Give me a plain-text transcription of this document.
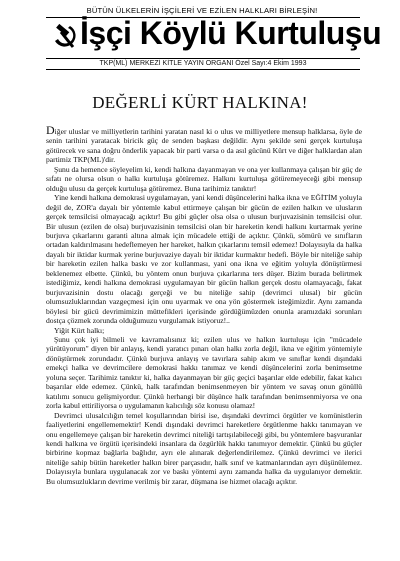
BÜTÜN ÜLKELERİN İŞÇİLERİ VE EZİLEN HALKLARI BİRLEŞİN!
İşçi Köylü Kurtuluşu
TKP(ML) MERKEZİ KİTLE YAYIN ORGANI Özel Sayı:4 Ekim 1993
DEĞERLİ KÜRT HALKINA!

Diğer uluslar ve milliyetlerin tarihini yaratan nasıl ki o ulus ve milliyetlere mensup halklarsa, öyle de senin tarihini yaratacak biricik güç de senden başkası değildir. Aynı şekilde seni gerçek kurtuluşa götürecek ve sana doğru önderlik yapacak bir parti varsa o da asıl gücünü Kürt ve diğer halklardan alan partimiz TKP(ML)'dir.

Şunu da hemence söyleyelim ki, kendi halkına dayanmayan ve ona yer kullanmaya çalışan bir güç de sıfatı ne olursa olsun o halkı kurtuluşa götüremez. Halkını kurtuluşa götüremeyeceği gibi mensup olduğu ulusu da gerçek kurtuluşa götüremez. Buna tarihimiz tanıktır!

Yine kendi halkına demokrasi uygulamayan, yani kendi düşüncelerini halka ikna ve EĞİTİM yoluyla değil de, ZOR'a dayalı bir yöntemle kabul ettirmeye çalışan bir gücün de ezilen halkın ve ulusların gerçek temsilcisi olmayacağı açıktır! Bu gibi güçler olsa olsa o ulusun burjuvazisinin temsilcisi olur. Bir ulusun (ezilen de olsa) burjuvazisinin temsilcisi olan bir hareketin kendi halkını kurtarmak yerine burjuva çıkarlarını garanti altına almak için mücadele ettiği de açıktır. Çünkü, sömürü ve sınıfların ortadan kaldırılmasını hedeflemeyen her hareket, halkın çıkarlarını temsil edemez! Dolayısıyla da halka dayalı bir iktidar kurmak yerine burjuvaziye dayalı bir iktidar kurmaktır hedefi. Böyle bir niteliğe sahip bir hareketin ezilen halka baskı ve zor kullanması, yani ona ikna ve eğitim yoluyla dönüştürmesi beklenemez elbette. Çünkü, bu yöntem onun burjuva çıkarlarına ters düşer. Bizim burada belirtmek istediğimiz, kendi halkına demokrasi uygulamayan bir gücün halkın gerçek dostu olamayacağı, fakat burjuvazisinin dostu olacağı gerçeği ve bu niteliğe sahip (devrimci ulusal) bir gücün olumsuzluklarından vazgeçmesi için onu uyarmak ve ona yön göstermek isteğimizdir. Aynı zamanda böylesi bir gücü devrimimizin müttefikleri içerisinde gördüğümüzden onunla aramızdaki sorunları dostça çözmek zorunda olduğumuzu vurgulamak istiyoruz!..

Yiğit Kürt halkı;

Şunu çok iyi bilmeli ve kavramalısınız ki; ezilen ulus ve halkın kurtuluşu için "mücadele yürütüyorum" diyen bir anlayış, kendi yaratıcı pınarı olan halkı zorla değil, ikna ve eğitim yöntemiyle dönüştürmek zorundadır. Çünkü burjuva anlayış ve tavırlara sahip akım ve sınıflar kendi dışındaki emekçi halka ve devrimcilere demokrasi hakkı tanımaz ve kendi düşüncelerini zorla benimsetme yoluna seçer. Tarihimiz tanıktır ki, halka dayanmayan bir güç geçici başarılar elde edebilir, fakat kalıcı başarılar elde edemez. Çünkü, halk tarafından benimsenmeyen bir yöntem ve savaş onun gönüllü katılımı sonucu gelişmiyordur. Çünkü herhangi bir düşünce halk tarafından benimsenmiyorsa ve ona zorla kabul ettiriliyorsa o uygulamanın kalıcılığı söz konusu olamaz!

Devrimci ulusalcılığın temel koşullarından birisi ise, dışındaki devrimci örgütler ve komünistlerin faaliyetlerini engellememektir! Kendi dışındaki devrimci hareketlere örgütlenme hakkı tanımayan ve onu engellemeye çalışan bir hareketin devrimci niteliği tartışılabileceği gibi, bu yöntemlere başvuranlar kendi halkına ve örgütü içerisindeki insanlara da özgürlük hakkı tanımıyor demektir. Çünkü bu güçler birbirine kopmaz bağlarla bağlıdır, ayrı ele alınarak değerlendirilemez. Çünkü devrimci ve ilerici niteliğe sahip bütün hareketler halkın birer parçasıdır, halk sınıf ve katmanlarından ayrı düşünülemez. Dolayısıyla bunlara uygulanacak zor ve baskı yöntemi aynı zamanda halka da uygulanıyor demektir. Bu olumsuzlukların devrime verilmiş bir zarar, düşmana ise hizmet olacağı açıktır.
